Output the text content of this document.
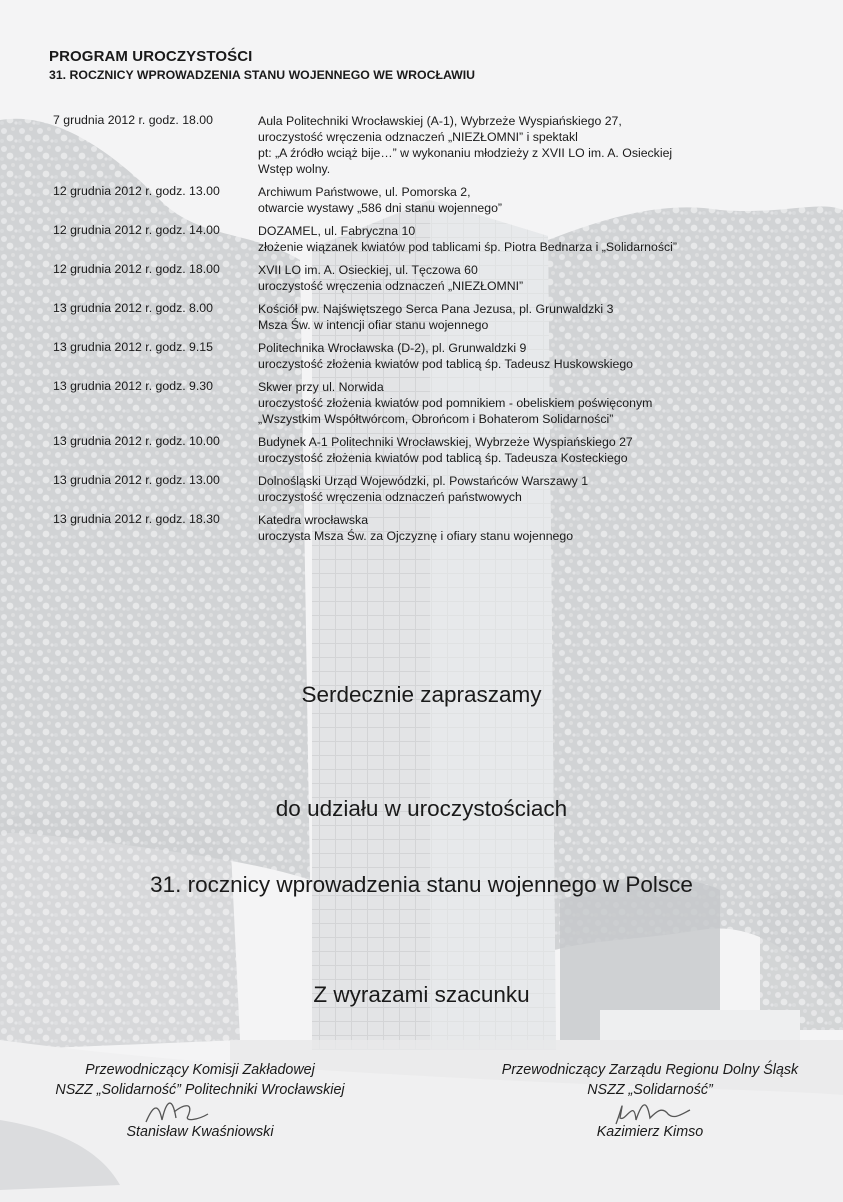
PROGRAM UROCZYSTOŚCI
31. ROCZNICY WPROWADZENIA STANU WOJENNEGO WE WROCŁAWIU
7 grudnia 2012 r. godz. 18.00	Aula Politechniki Wrocławskiej (A-1), Wybrzeże Wyspiańskiego 27,
uroczystość wręczenia odznaczeń „NIEZŁOMNI” i spektakl
pt: „A źródło wciąż bije…” w wykonaniu młodzieży z XVII LO im. A. Osieckiej
Wstęp wolny.
12 grudnia 2012 r. godz. 13.00	Archiwum Państwowe, ul. Pomorska 2,
otwarcie wystawy „586 dni stanu wojennego”
12 grudnia 2012 r. godz. 14.00	DOZAMEL, ul. Fabryczna 10
złożenie wiązanek kwiatów pod tablicami śp. Piotra Bednarza i „Solidarności”
12 grudnia 2012 r. godz. 18.00	XVII LO im. A. Osieckiej, ul. Tęczowa 60
uroczystość wręczenia odznaczeń „NIEZŁOMNI”
13 grudnia 2012 r. godz. 8.00	Kościół pw. Najświętszego Serca Pana Jezusa, pl. Grunwaldzki 3
Msza Św. w intencji ofiar stanu wojennego
13 grudnia 2012 r. godz. 9.15	Politechnika Wrocławska (D-2), pl. Grunwaldzki 9
uroczystość złożenia kwiatów pod tablicą śp. Tadeusz Huskowskiego
13 grudnia 2012 r. godz. 9.30	Skwer przy ul. Norwida
uroczystość złożenia kwiatów pod pomnikiem - obeliskiem poświęconym
„Wszystkim Współtwórcom, Obrońcom i Bohaterom Solidarności”
13 grudnia 2012 r. godz. 10.00	Budynek A-1 Politechniki Wrocławskiej, Wybrzeże Wyspiańskiego 27
uroczystość złożenia kwiatów pod tablicą śp. Tadeusza Kosteckiego
13 grudnia 2012 r. godz. 13.00	Dolnośląski Urząd Wojewódzki, pl. Powstańców Warszawy 1
uroczystość wręczenia odznaczeń państwowych
13 grudnia 2012 r. godz. 18.30	Katedra wrocławska
uroczysta Msza Św. za Ojczyznę i ofiary stanu wojennego
Serdecznie zapraszamy
do udziału w uroczystościach
31. rocznicy wprowadzenia stanu wojennego w Polsce
Z wyrazami szacunku
Przewodniczący Komisji Zakładowej
NSZZ „Solidarność” Politechniki Wrocławskiej
Stanisław Kwaśniowski
Przewodniczący Zarządu Regionu Dolny Śląsk
NSZZ „Solidarność”
Kazimierz Kimso
